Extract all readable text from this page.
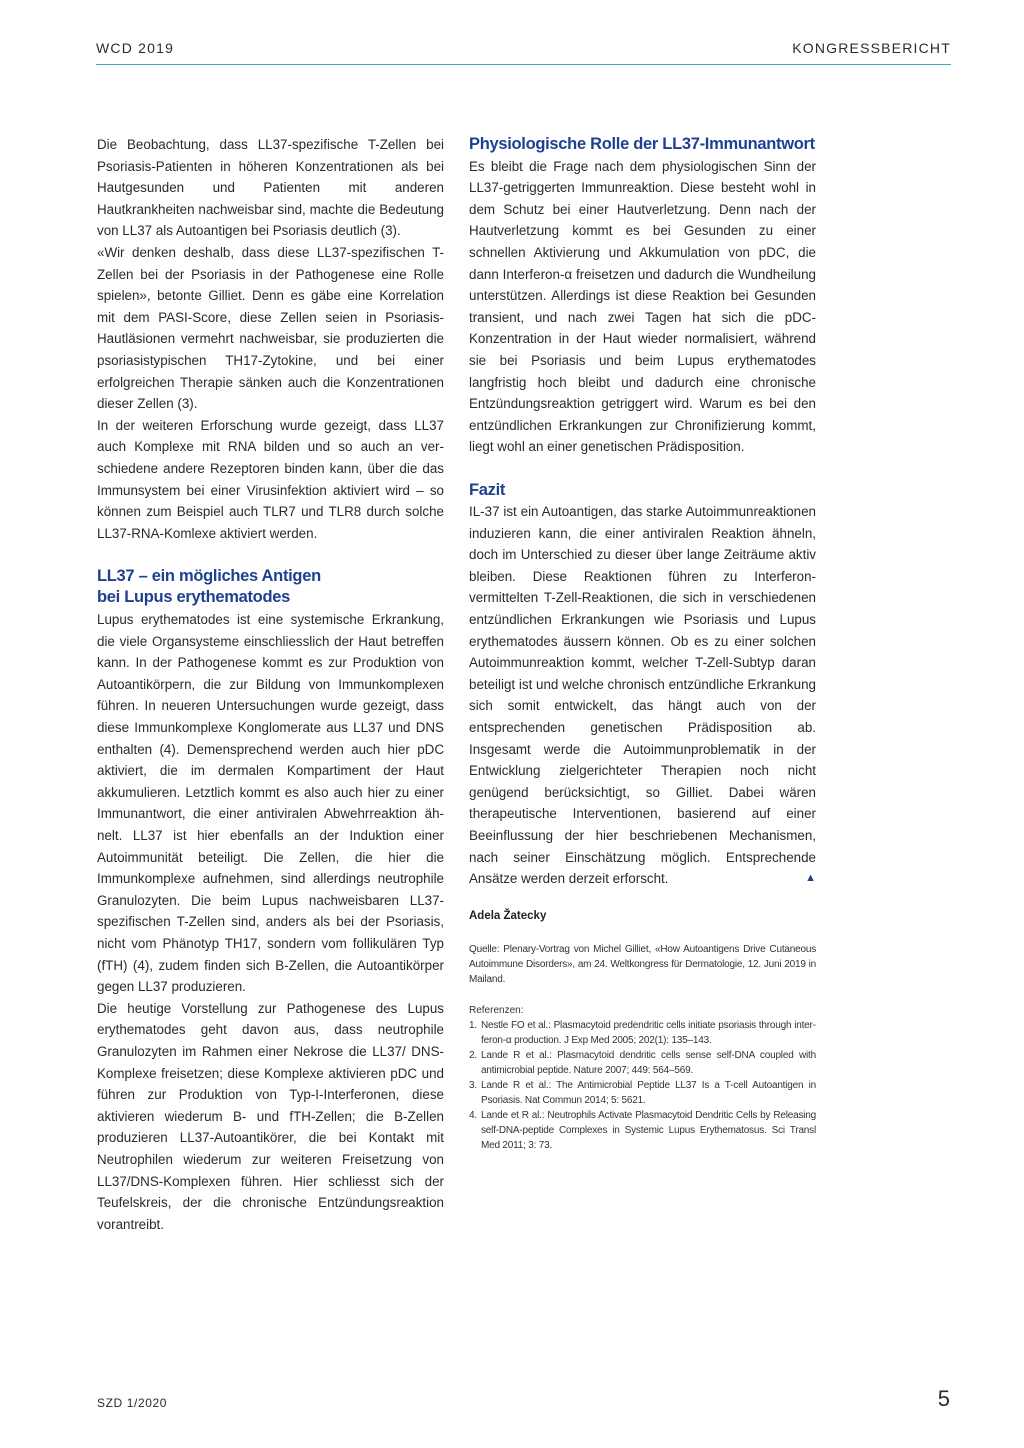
WCD 2019	KONGRESSBERICHT

Die Beobachtung, dass LL37-spezifische T-Zellen bei Psoriasis-Patienten in höheren Konzentrationen als bei Hautgesunden und Patienten mit anderen Hautkrankheiten nachweisbar sind, machte die Bedeutung von LL37 als Autoantigen bei Psoriasis deutlich (3).

«Wir denken deshalb, dass diese LL37-spezifischen T-Zellen bei der Psoriasis in der Pathogenese eine Rolle spielen», betonte Gilliet. Denn es gäbe eine Korrelation mit dem PASI-Score, diese Zellen seien in Psoriasis-Hautläsionen vermehrt nachweisbar, sie produzierten die psoriasistypischen TH17-Zytokine, und bei einer erfolgreichen Therapie sänken auch die Konzentrationen dieser Zellen (3).

In der weiteren Erforschung wurde gezeigt, dass LL37 auch Komplexe mit RNA bilden und so auch an verschiedene andere Rezeptoren binden kann, über die das Immunsystem bei einer Virusinfektion aktiviert wird – so können zum Beispiel auch TLR7 und TLR8 durch solche LL37-RNA-Komlexe aktiviert werden.

LL37 – ein mögliches Antigen
bei Lupus erythematodes

Lupus erythematodes ist eine systemische Erkrankung, die viele Organsysteme einschliesslich der Haut betreffen kann. In der Pathogenese kommt es zur Produktion von Autoantikörpern, die zur Bildung von Immunkomplexen führen. In neueren Untersuchungen wurde gezeigt, dass diese Immunkomplexe Konglomerate aus LL37 und DNS enthalten (4). Demensprechend werden auch hier pDC aktiviert, die im dermalen Kompartiment der Haut akkumulieren. Letztlich kommt es also auch hier zu einer Immunantwort, die einer antiviralen Abwehrreaktion ähnelt. LL37 ist hier ebenfalls an der Induktion einer Autoimmunität beteiligt. Die Zellen, die hier die Immunkomplexe aufnehmen, sind allerdings neutrophile Granulozyten. Die beim Lupus nachweisbaren LL37-spezifischen T-Zellen sind, anders als bei der Psoriasis, nicht vom Phänotyp TH17, sondern vom follikulären Typ (fTH) (4), zudem finden sich B-Zellen, die Autoantikörper gegen LL37 produzieren.

Die heutige Vorstellung zur Pathogenese des Lupus erythematodes geht davon aus, dass neutrophile Granulozyten im Rahmen einer Nekrose die LL37/ DNS-Komplexe freisetzen; diese Komplexe aktivieren pDC und führen zur Produktion von Typ-I-Interferonen, diese aktivieren wiederum B- und fTH-Zellen; die B-Zellen produzieren LL37-Autoantikörer, die bei Kontakt mit Neutrophilen wiederum zur weiteren Freisetzung von LL37/DNS-Komplexen führen. Hier schliesst sich der Teufelskreis, der die chronische Entzündungsreaktion vorantreibt.

Physiologische Rolle der LL37-Immunantwort

Es bleibt die Frage nach dem physiologischen Sinn der LL37-getriggerten Immunreaktion. Diese besteht wohl in dem Schutz bei einer Hautverletzung. Denn nach der Hautverletzung kommt es bei Gesunden zu einer schnellen Aktivierung und Akkumulation von pDC, die dann Interferon-α freisetzen und dadurch die Wundheilung unterstützen. Allerdings ist diese Reaktion bei Gesunden transient, und nach zwei Tagen hat sich die pDC-Konzentration in der Haut wieder normalisiert, während sie bei Psoriasis und beim Lupus erythematodes langfristig hoch bleibt und dadurch eine chronische Entzündungsreaktion getriggert wird. Warum es bei den entzündlichen Erkrankungen zur Chronifizierung kommt, liegt wohl an einer genetischen Prädisposition.

Fazit

IL-37 ist ein Autoantigen, das starke Autoimmunreaktionen induzieren kann, die einer antiviralen Reaktion ähneln, doch im Unterschied zu dieser über lange Zeiträume aktiv bleiben. Diese Reaktionen führen zu Interferon-vermittelten T-Zell-Reaktionen, die sich in verschiedenen entzündlichen Erkrankungen wie Psoriasis und Lupus erythematodes äussern können. Ob es zu einer solchen Autoimmunreaktion kommt, welcher T-Zell-Subtyp daran beteiligt ist und welche chronisch entzündliche Erkrankung sich somit entwickelt, das hängt auch von der entsprechenden genetischen Prädisposition ab. Insgesamt werde die Autoimmunproblematik in der Entwicklung zielgerichteter Therapien noch nicht genügend berücksichtigt, so Gilliet. Dabei wären therapeutische Interventionen, basierend auf einer Beeinflussung der hier beschriebenen Mechanismen, nach seiner Einschätzung möglich. Entsprechende Ansätze werden derzeit erforscht.	▲

Adela Žatecky
Quelle: Plenary-Vortrag von Michel Gilliet, «How Autoantigens Drive Cutaneous Autoimmune Disorders», am 24. Weltkongress für Dermatologie, 12. Juni 2019 in Mailand.
Referenzen:
1. Nestle FO et al.: Plasmacytoid predendritic cells initiate psoriasis through interferon-α production. J Exp Med 2005; 202(1): 135–143.
2. Lande R et al.: Plasmacytoid dendritic cells sense self-DNA coupled with antimicrobial peptide. Nature 2007; 449: 564–569.
3. Lande R et al.: The Antimicrobial Peptide LL37 Is a T-cell Autoantigen in Psoriasis. Nat Commun 2014; 5: 5621.
4. Lande et R al.: Neutrophils Activate Plasmacytoid Dendritic Cells by Releasing self-DNA-peptide Complexes in Systemic Lupus Erythematosus. Sci Transl Med 2011; 3: 73.
SZD 1/2020	5
